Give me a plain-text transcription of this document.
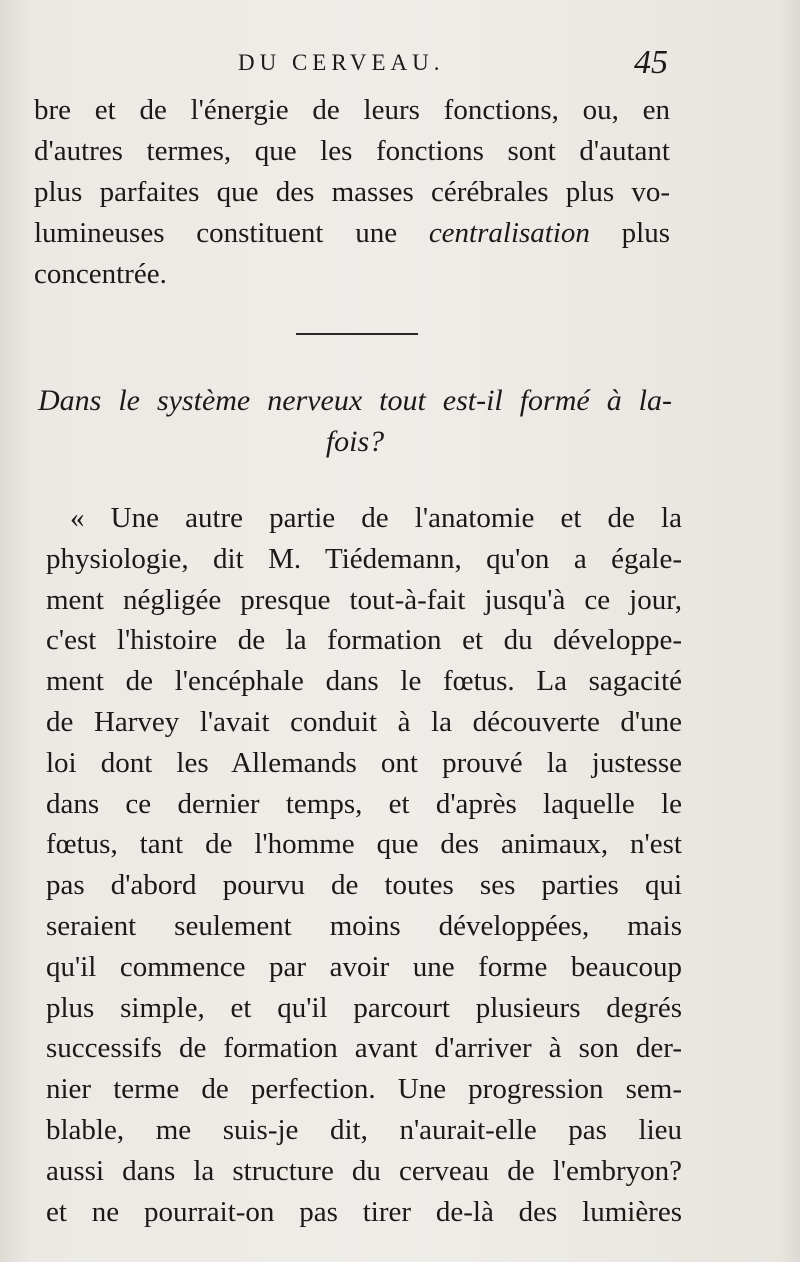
DU CERVEAU.	45
bre et de l'énergie de leurs fonctions, ou, en
d'autres termes, que les fonctions sont d'autant
plus parfaites que des masses cérébrales plus vo-
lumineuses constituent une centralisation plus
concentrée.
Dans le système nerveux tout est-il formé à la-
fois?
« Une autre partie de l'anatomie et de la
physiologie, dit M. Tiédemann, qu'on a égale-
ment négligée presque tout-à-fait jusqu'à ce jour,
c'est l'histoire de la formation et du développe-
ment de l'encéphale dans le fœtus. La sagacité
de Harvey l'avait conduit à la découverte d'une
loi dont les Allemands ont prouvé la justesse
dans ce dernier temps, et d'après laquelle le
fœtus, tant de l'homme que des animaux, n'est
pas d'abord pourvu de toutes ses parties qui
seraient seulement moins développées, mais
qu'il commence par avoir une forme beaucoup
plus simple, et qu'il parcourt plusieurs degrés
successifs de formation avant d'arriver à son der-
nier terme de perfection. Une progression sem-
blable, me suis-je dit, n'aurait-elle pas lieu
aussi dans la structure du cerveau de l'embryon?
et ne pourrait-on pas tirer de-là des lumières
